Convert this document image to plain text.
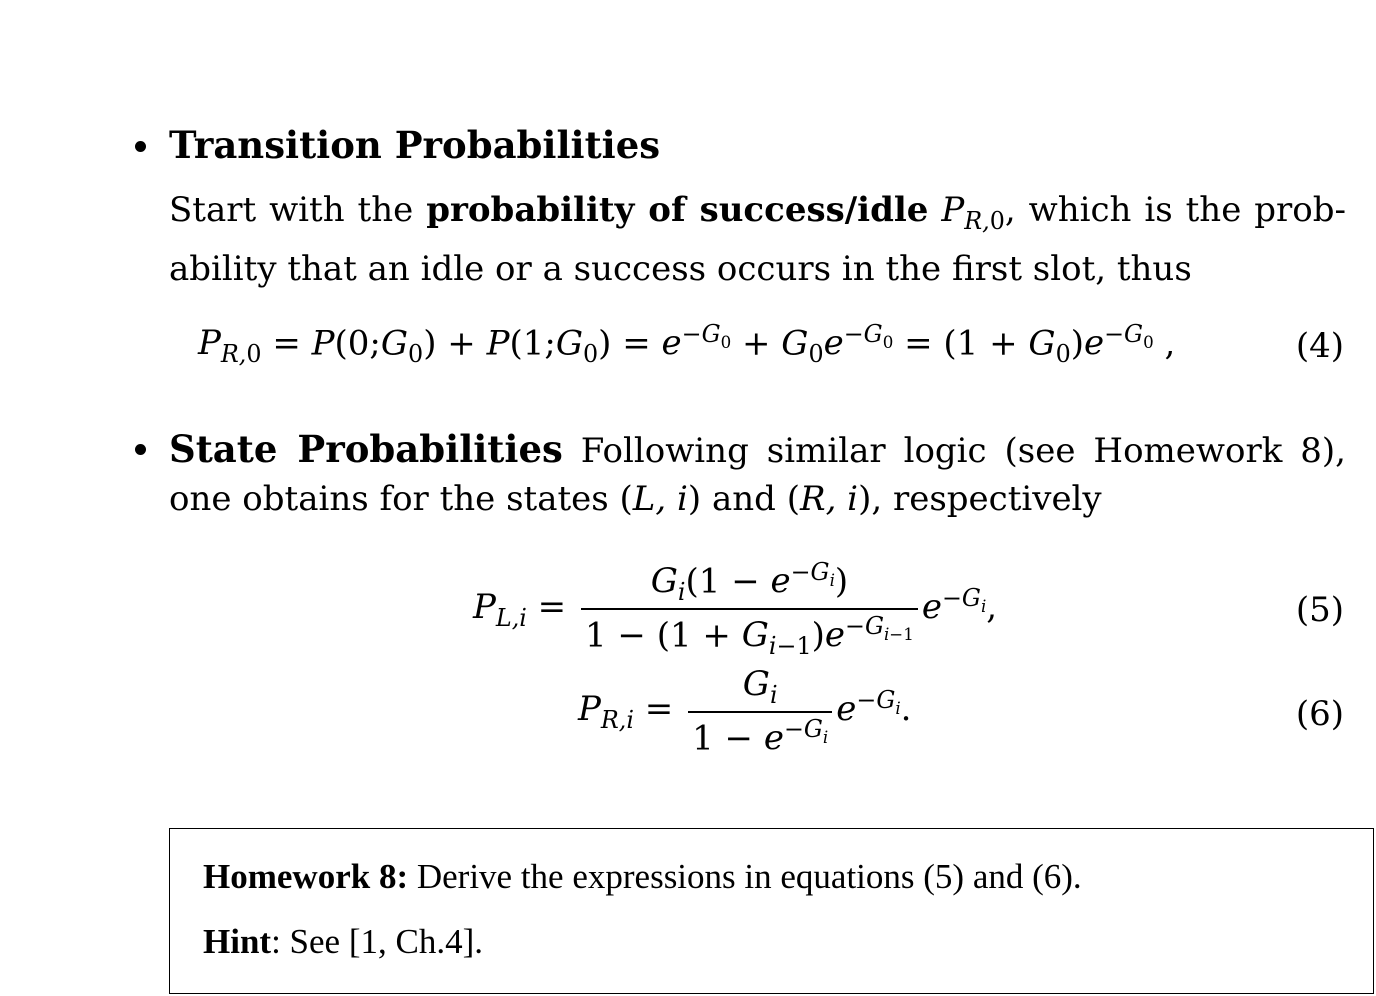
Transition Probabilities
Start with the probability of success/idle $P_{R,0}$, which is the prob-ability that an idle or a success occurs in the first slot, thus
$P_{R,0}$ = $P(0;G_0)$ + $P(1;G_0) = e^{-G_0} + G_0e^{-G_0} = (1 + G_0)e^{-G_0}$ ,	(4)
State Probabilities Following similar logic (see Homework 8), one obtains for the states (L, i) and (R, i), respectively
$P_{L,i} = \frac{G_i(1 - e^{-G_i})}{1 - (1 + G_{i-1})e^{-G_{i-1}}} e^{-G_i}$,	(5)
$P_{R,i} = \frac{G_i}{1 - e^{-G_i}} e^{-G_i}$.	(6)
Homework 8: Derive the expressions in equations (5) and (6).
Hint: See [1, Ch.4].
